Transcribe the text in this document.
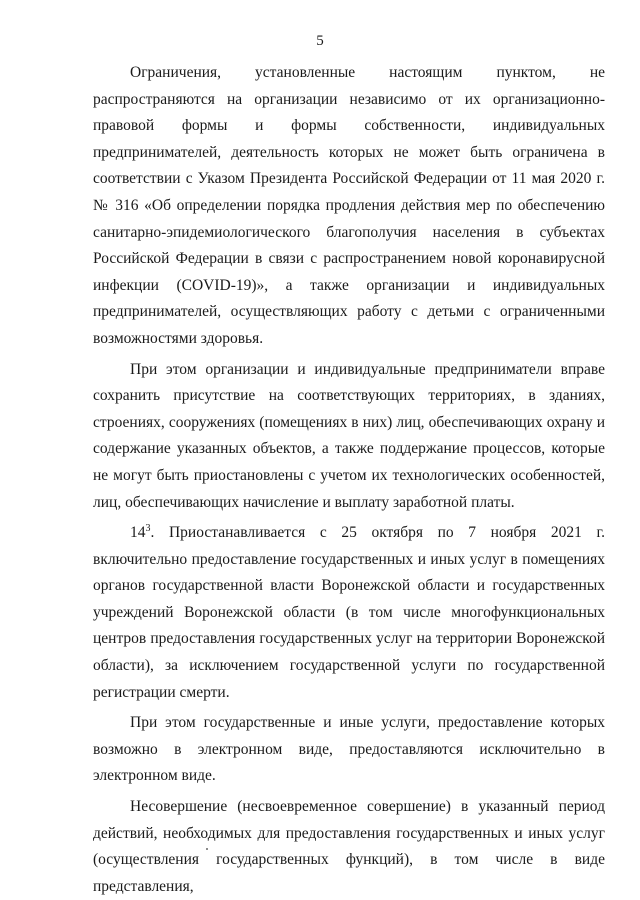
5

Ограничения, установленные настоящим пунктом, не распространяются на организации независимо от их организационно-правовой формы и формы собственности, индивидуальных предпринимателей, деятельность которых не может быть ограничена в соответствии с Указом Президента Российской Федерации от 11 мая 2020 г. № 316 «Об определении порядка продления действия мер по обеспечению санитарно-эпидемиологического благополучия населения в субъектах Российской Федерации в связи с распространением новой коронавирусной инфекции (COVID-19)», а также организации и индивидуальных предпринимателей, осуществляющих работу с детьми с ограниченными возможностями здоровья.

При этом организации и индивидуальные предприниматели вправе сохранить присутствие на соответствующих территориях, в зданиях, строениях, сооружениях (помещениях в них) лиц, обеспечивающих охрану и содержание указанных объектов, а также поддержание процессов, которые не могут быть приостановлены с учетом их технологических особенностей, лиц, обеспечивающих начисление и выплату заработной платы.

$14^3$. Приостанавливается с 25 октября по 7 ноября 2021 г. включительно предоставление государственных и иных услуг в помещениях органов государственной власти Воронежской области и государственных учреждений Воронежской области (в том числе многофункциональных центров предоставления государственных услуг на территории Воронежской области), за исключением государственной услуги по государственной регистрации смерти.

При этом государственные и иные услуги, предоставление которых возможно в электронном виде, предоставляются исключительно в электронном виде.

Несовершение (несвоевременное совершение) в указанный период действий, необходимых для предоставления государственных и иных услуг (осуществления государственных функций), в том числе в виде представления,
